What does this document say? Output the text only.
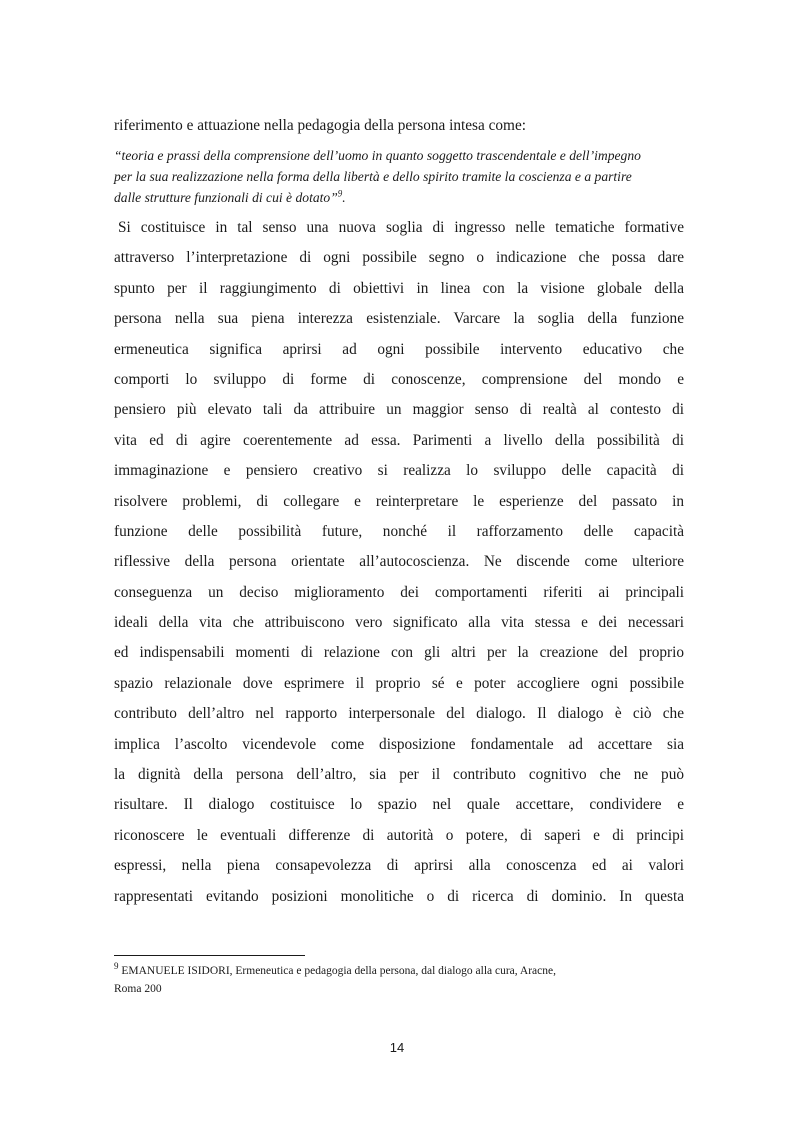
riferimento e attuazione nella pedagogia della persona intesa come:

“teoria e prassi della comprensione dell’uomo in quanto soggetto trascendentale e dell’impegno
per la sua realizzazione nella forma della libertà e dello spirito tramite la coscienza e a partire
dalle strutture funzionali di cui è dotato”$^9$.

Si costituisce in tal senso una nuova soglia di ingresso nelle tematiche formative
attraverso l’interpretazione di ogni possibile segno o indicazione che possa dare
spunto per il raggiungimento di obiettivi in linea con la visione globale della
persona nella sua piena interezza esistenziale. Varcare la soglia della funzione
ermeneutica significa aprirsi ad ogni possibile intervento educativo che
comporti lo sviluppo di forme di conoscenze, comprensione del mondo e
pensiero più elevato tali da attribuire un maggior senso di realtà al contesto di
vita ed di agire coerentemente ad essa. Parimenti a livello della possibilità di
immaginazione e pensiero creativo si realizza lo sviluppo delle capacità di
risolvere problemi, di collegare e reinterpretare le esperienze del passato in
funzione delle possibilità future, nonché il rafforzamento delle capacità
riflessive della persona orientate all’autocoscienza. Ne discende come ulteriore
conseguenza un deciso miglioramento dei comportamenti riferiti ai principali
ideali della vita che attribuiscono vero significato alla vita stessa e dei necessari
ed indispensabili momenti di relazione con gli altri per la creazione del proprio
spazio relazionale dove esprimere il proprio sé e poter accogliere ogni possibile
contributo dell’altro nel rapporto interpersonale del dialogo. Il dialogo è ciò che
implica l’ascolto vicendevole come disposizione fondamentale ad accettare sia
la dignità della persona dell’altro, sia per il contributo cognitivo che ne può
risultare. Il dialogo costituisce lo spazio nel quale accettare, condividere e
riconoscere le eventuali differenze di autorità o potere, di saperi e di principi
espressi, nella piena consapevolezza di aprirsi alla conoscenza ed ai valori
rappresentati evitando posizioni monolitiche o di ricerca di dominio. In questa
$^9$ EMANUELE ISIDORI, Ermeneutica e pedagogia della persona, dal dialogo alla cura, Aracne,
Roma 200
14
